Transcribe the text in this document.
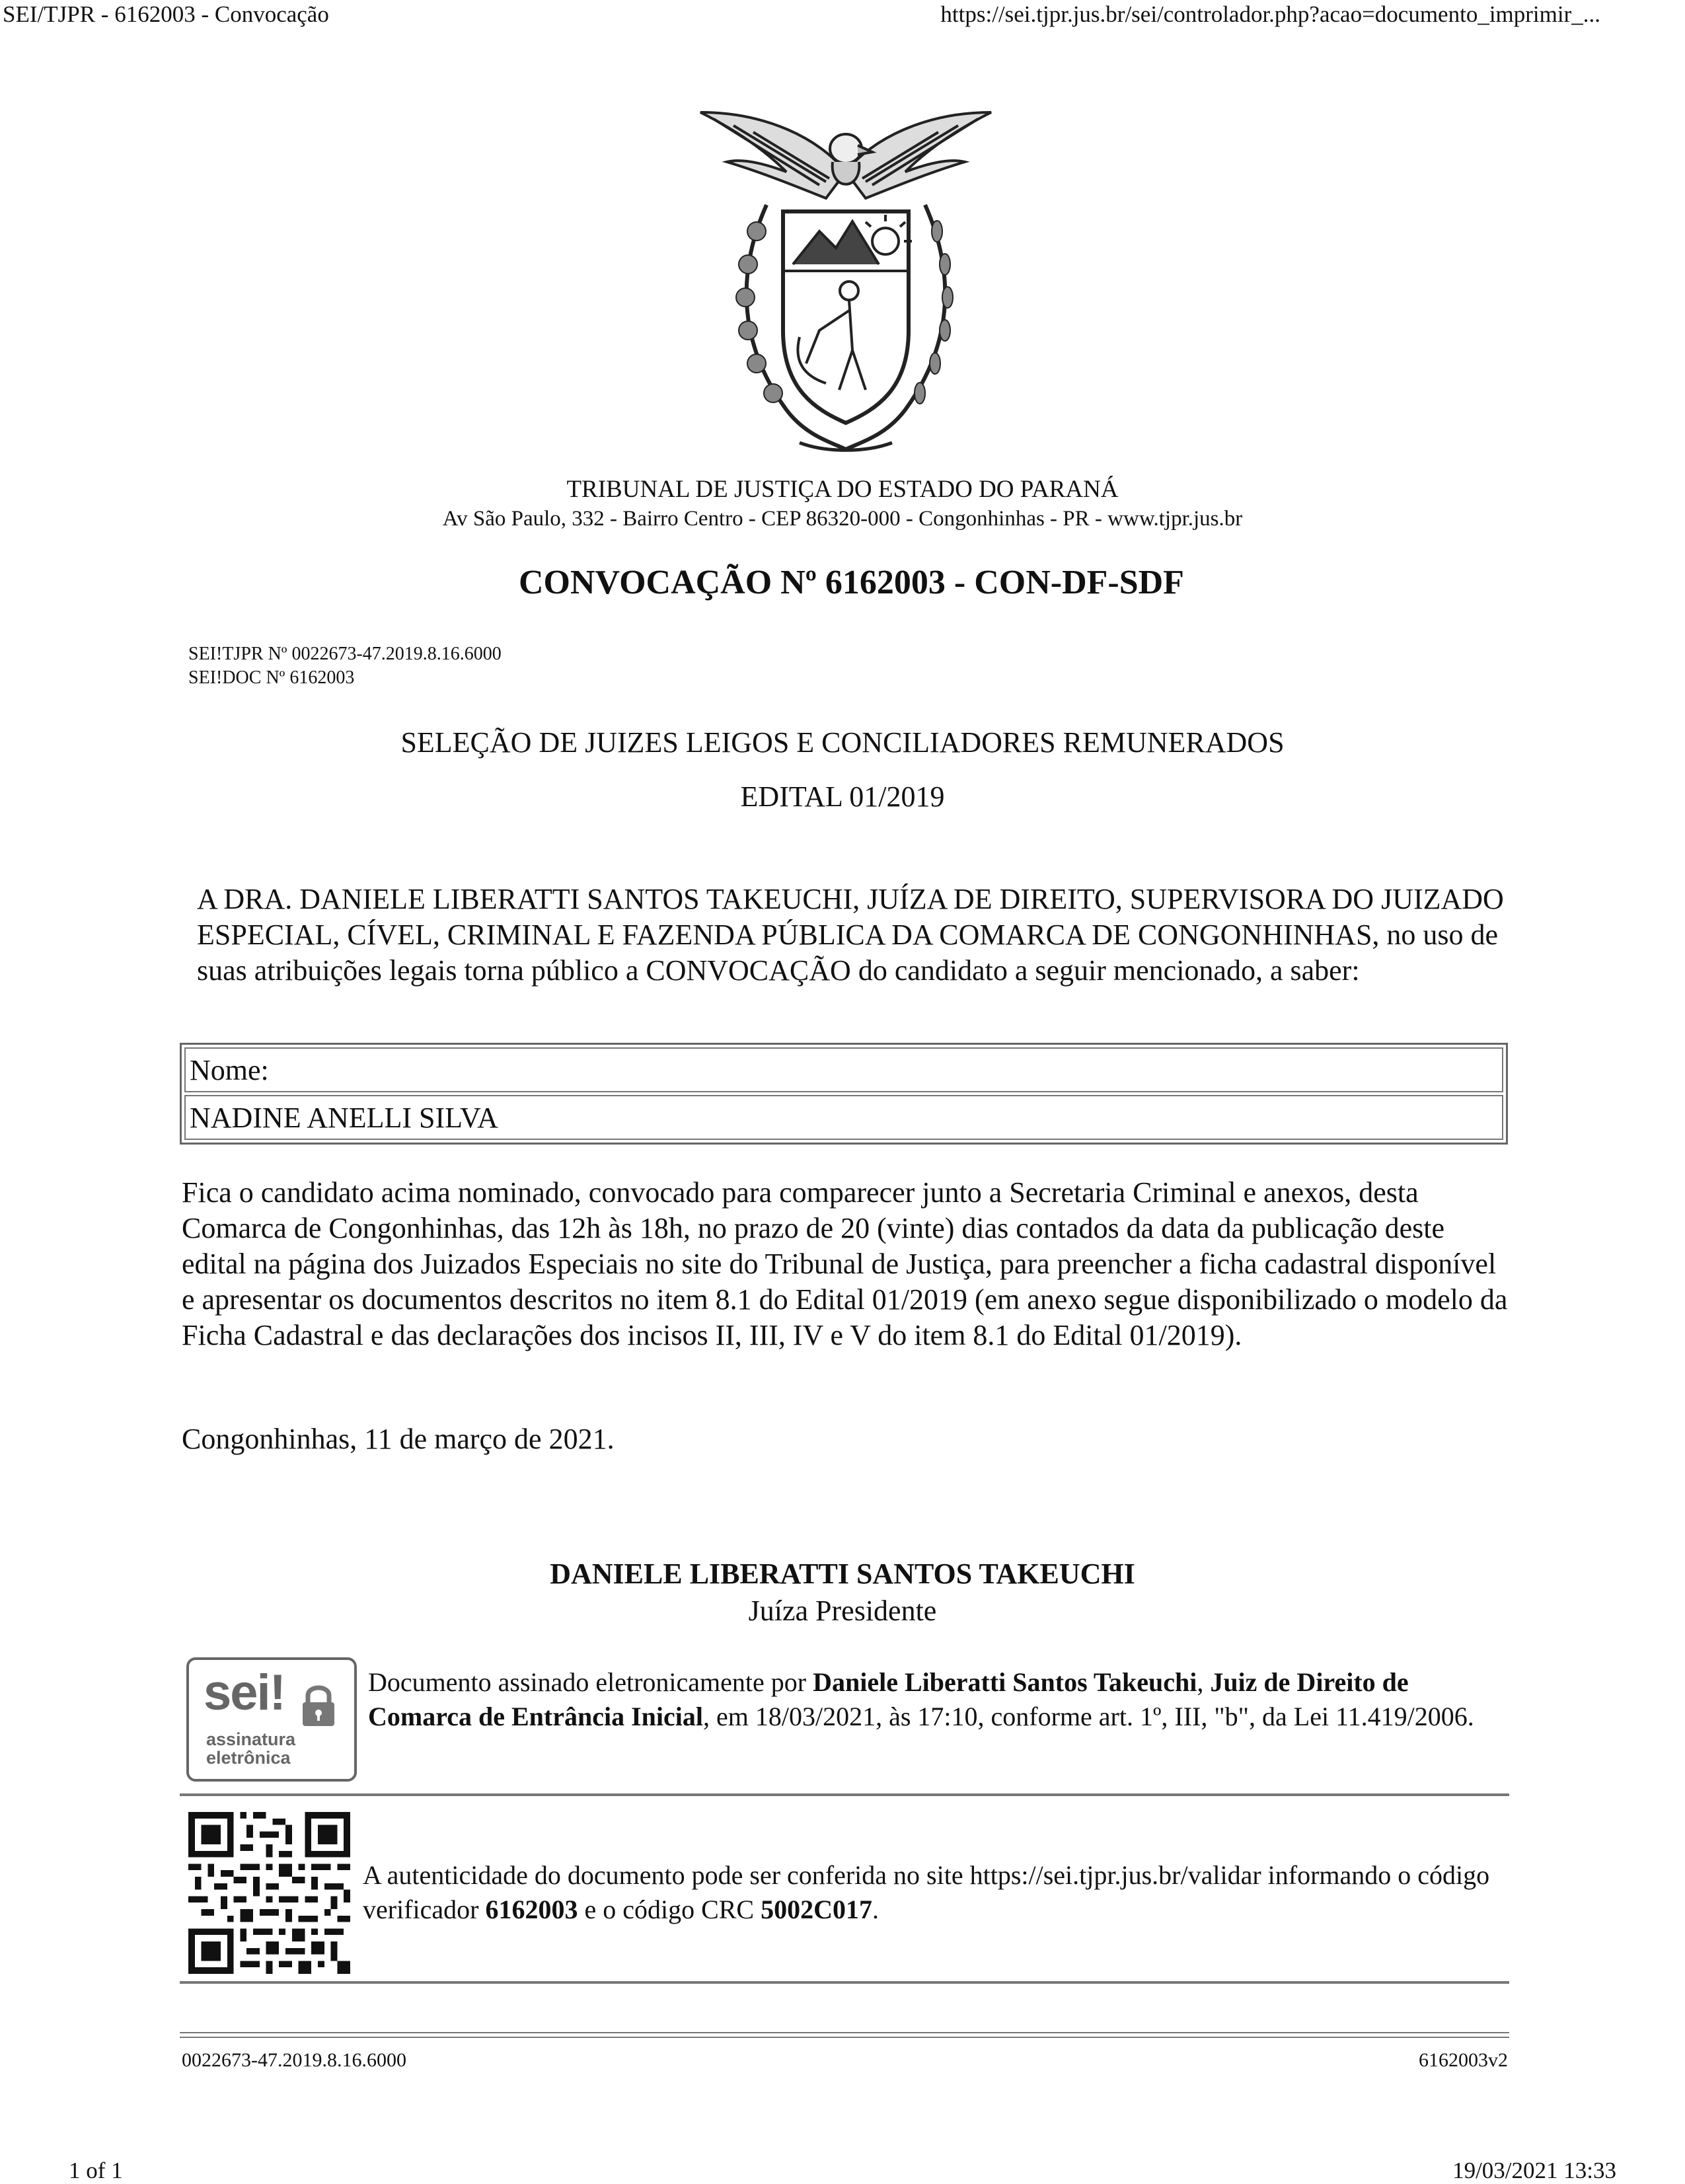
SEI/TJPR - 6162003 - Convocação	https://sei.tjpr.jus.br/sei/controlador.php?acao=documento_imprimir_...
TRIBUNAL DE JUSTIÇA DO ESTADO DO PARANÁ
Av São Paulo, 332 - Bairro Centro - CEP 86320-000 - Congonhinhas - PR - www.tjpr.jus.br
CONVOCAÇÃO Nº 6162003 - CON-DF-SDF
SEI!TJPR Nº 0022673-47.2019.8.16.6000
SEI!DOC Nº 6162003
SELEÇÃO DE JUIZES LEIGOS E CONCILIADORES REMUNERADOS
EDITAL 01/2019
A DRA. DANIELE LIBERATTI SANTOS TAKEUCHI, JUÍZA DE DIREITO, SUPERVISORA DO JUIZADO ESPECIAL, CÍVEL, CRIMINAL E FAZENDA PÚBLICA DA COMARCA DE CONGONHINHAS, no uso de suas atribuições legais torna público a CONVOCAÇÃO do candidato a seguir mencionado, a saber:
Nome:
NADINE ANELLI SILVA
Fica o candidato acima nominado, convocado para comparecer junto a Secretaria Criminal e anexos, desta Comarca de Congonhinhas, das 12h às 18h, no prazo de 20 (vinte) dias contados da data da publicação deste edital na página dos Juizados Especiais no site do Tribunal de Justiça, para preencher a ficha cadastral disponível e apresentar os documentos descritos no item 8.1 do Edital 01/2019 (em anexo segue disponibilizado o modelo da Ficha Cadastral e das declarações dos incisos II, III, IV e V do item 8.1 do Edital 01/2019).
Congonhinhas, 11 de março de 2021.
DANIELE LIBERATTI SANTOS TAKEUCHI
Juíza Presidente
sei!
assinatura
eletrônica
Documento assinado eletronicamente por Daniele Liberatti Santos Takeuchi, Juiz de Direito de Comarca de Entrância Inicial, em 18/03/2021, às 17:10, conforme art. 1º, III, "b", da Lei 11.419/2006.
A autenticidade do documento pode ser conferida no site https://sei.tjpr.jus.br/validar informando o código verificador 6162003 e o código CRC 5002C017.
0022673-47.2019.8.16.6000	6162003v2
1 of 1	19/03/2021 13:33
